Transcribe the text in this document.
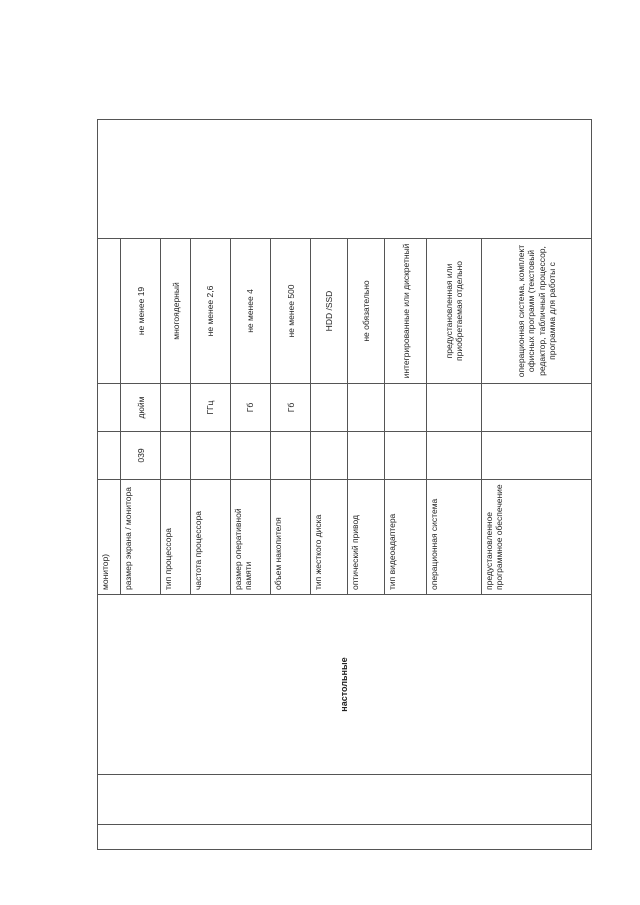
		настольные	монитор)				
			размер экрана / монитора	039	дюйм	не менее 19	
			тип процессора			многоядерный	
			частота процессора		ГГц	не менее 2,6	
			размер оперативной памяти		Гб	не менее 4	
			объем накопителя		Гб	не менее 500	
			тип жесткого диска			HDD /SSD	
			оптический привод			не обязательно	
			тип видеоадаптера			интегрированные или дискретный	
			операционная система			предустановленная или приобретаемая отдельно	
			предустановленное программное обеспечение			операционная система, комплект офисных программ (текстовый редактор, табличный процессор, программа для работы с	
